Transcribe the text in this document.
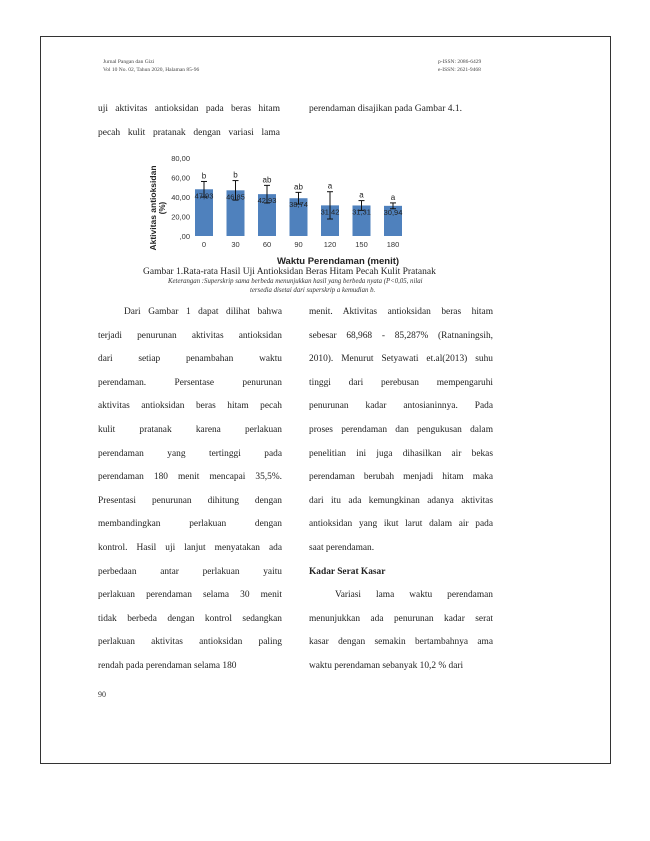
Jurnal Pangan dan Gizi
Vol 10 No. 02, Tahun 2020, Halaman 85-96
p-ISSN: 2086-6429
e-ISSN: 2621-9468
uji aktivitas antioksidan pada beras hitam
pecah kulit pratanak dengan variasi lama
perendaman disajikan pada Gambar 4.1.
Aktivitas antioksidan (%)
80,00
60,00
40,00
20,00
,00
47,93
b
46,85
b
42,93
ab
38,74
ab
31,42
a
31,31
a
30,94
a
0	30	60	90	120	150	180
Waktu Perendaman (menit)
Gambar 1.Rata-rata Hasil Uji Antioksidan Beras Hitam Pecah Kulit Pratanak
Keterangan :Superskrip sama berbeda menunjukkan hasil yang berbeda nyata (P<0,05, nilai
tersedia disetai dari superskrip a kemudian b.
Dari Gambar 1 dapat dilihat bahwa
terjadi penurunan aktivitas antioksidan
dari setiap penambahan waktu
perendaman. Persentase penurunan
aktivitas antioksidan beras hitam pecah
kulit pratanak karena perlakuan
perendaman yang tertinggi pada
perendaman 180 menit mencapai 35,5%.
Presentasi penurunan dihitung dengan
membandingkan perlakuan dengan
kontrol. Hasil uji lanjut menyatakan ada
perbedaan antar perlakuan yaitu
perlakuan perendaman selama 30 menit
tidak berbeda dengan kontrol sedangkan
perlakuan aktivitas antioksidan paling
rendah pada perendaman selama 180
menit. Aktivitas antioksidan beras hitam
sebesar 68,968 - 85,287% (Ratnaningsih,
2010). Menurut Setyawati et.al(2013) suhu
tinggi dari perebusan mempengaruhi
penurunan kadar antosianinnya. Pada
proses perendaman dan pengukusan dalam
penelitian ini juga dihasilkan air bekas
perendaman berubah menjadi hitam maka
dari itu ada kemungkinan adanya aktivitas
antioksidan yang ikut larut dalam air pada
saat perendaman.
Kadar Serat Kasar
Variasi lama waktu perendaman
menunjukkan ada penurunan kadar serat
kasar dengan semakin bertambahnya ama
waktu perendaman sebanyak 10,2 % dari
90
